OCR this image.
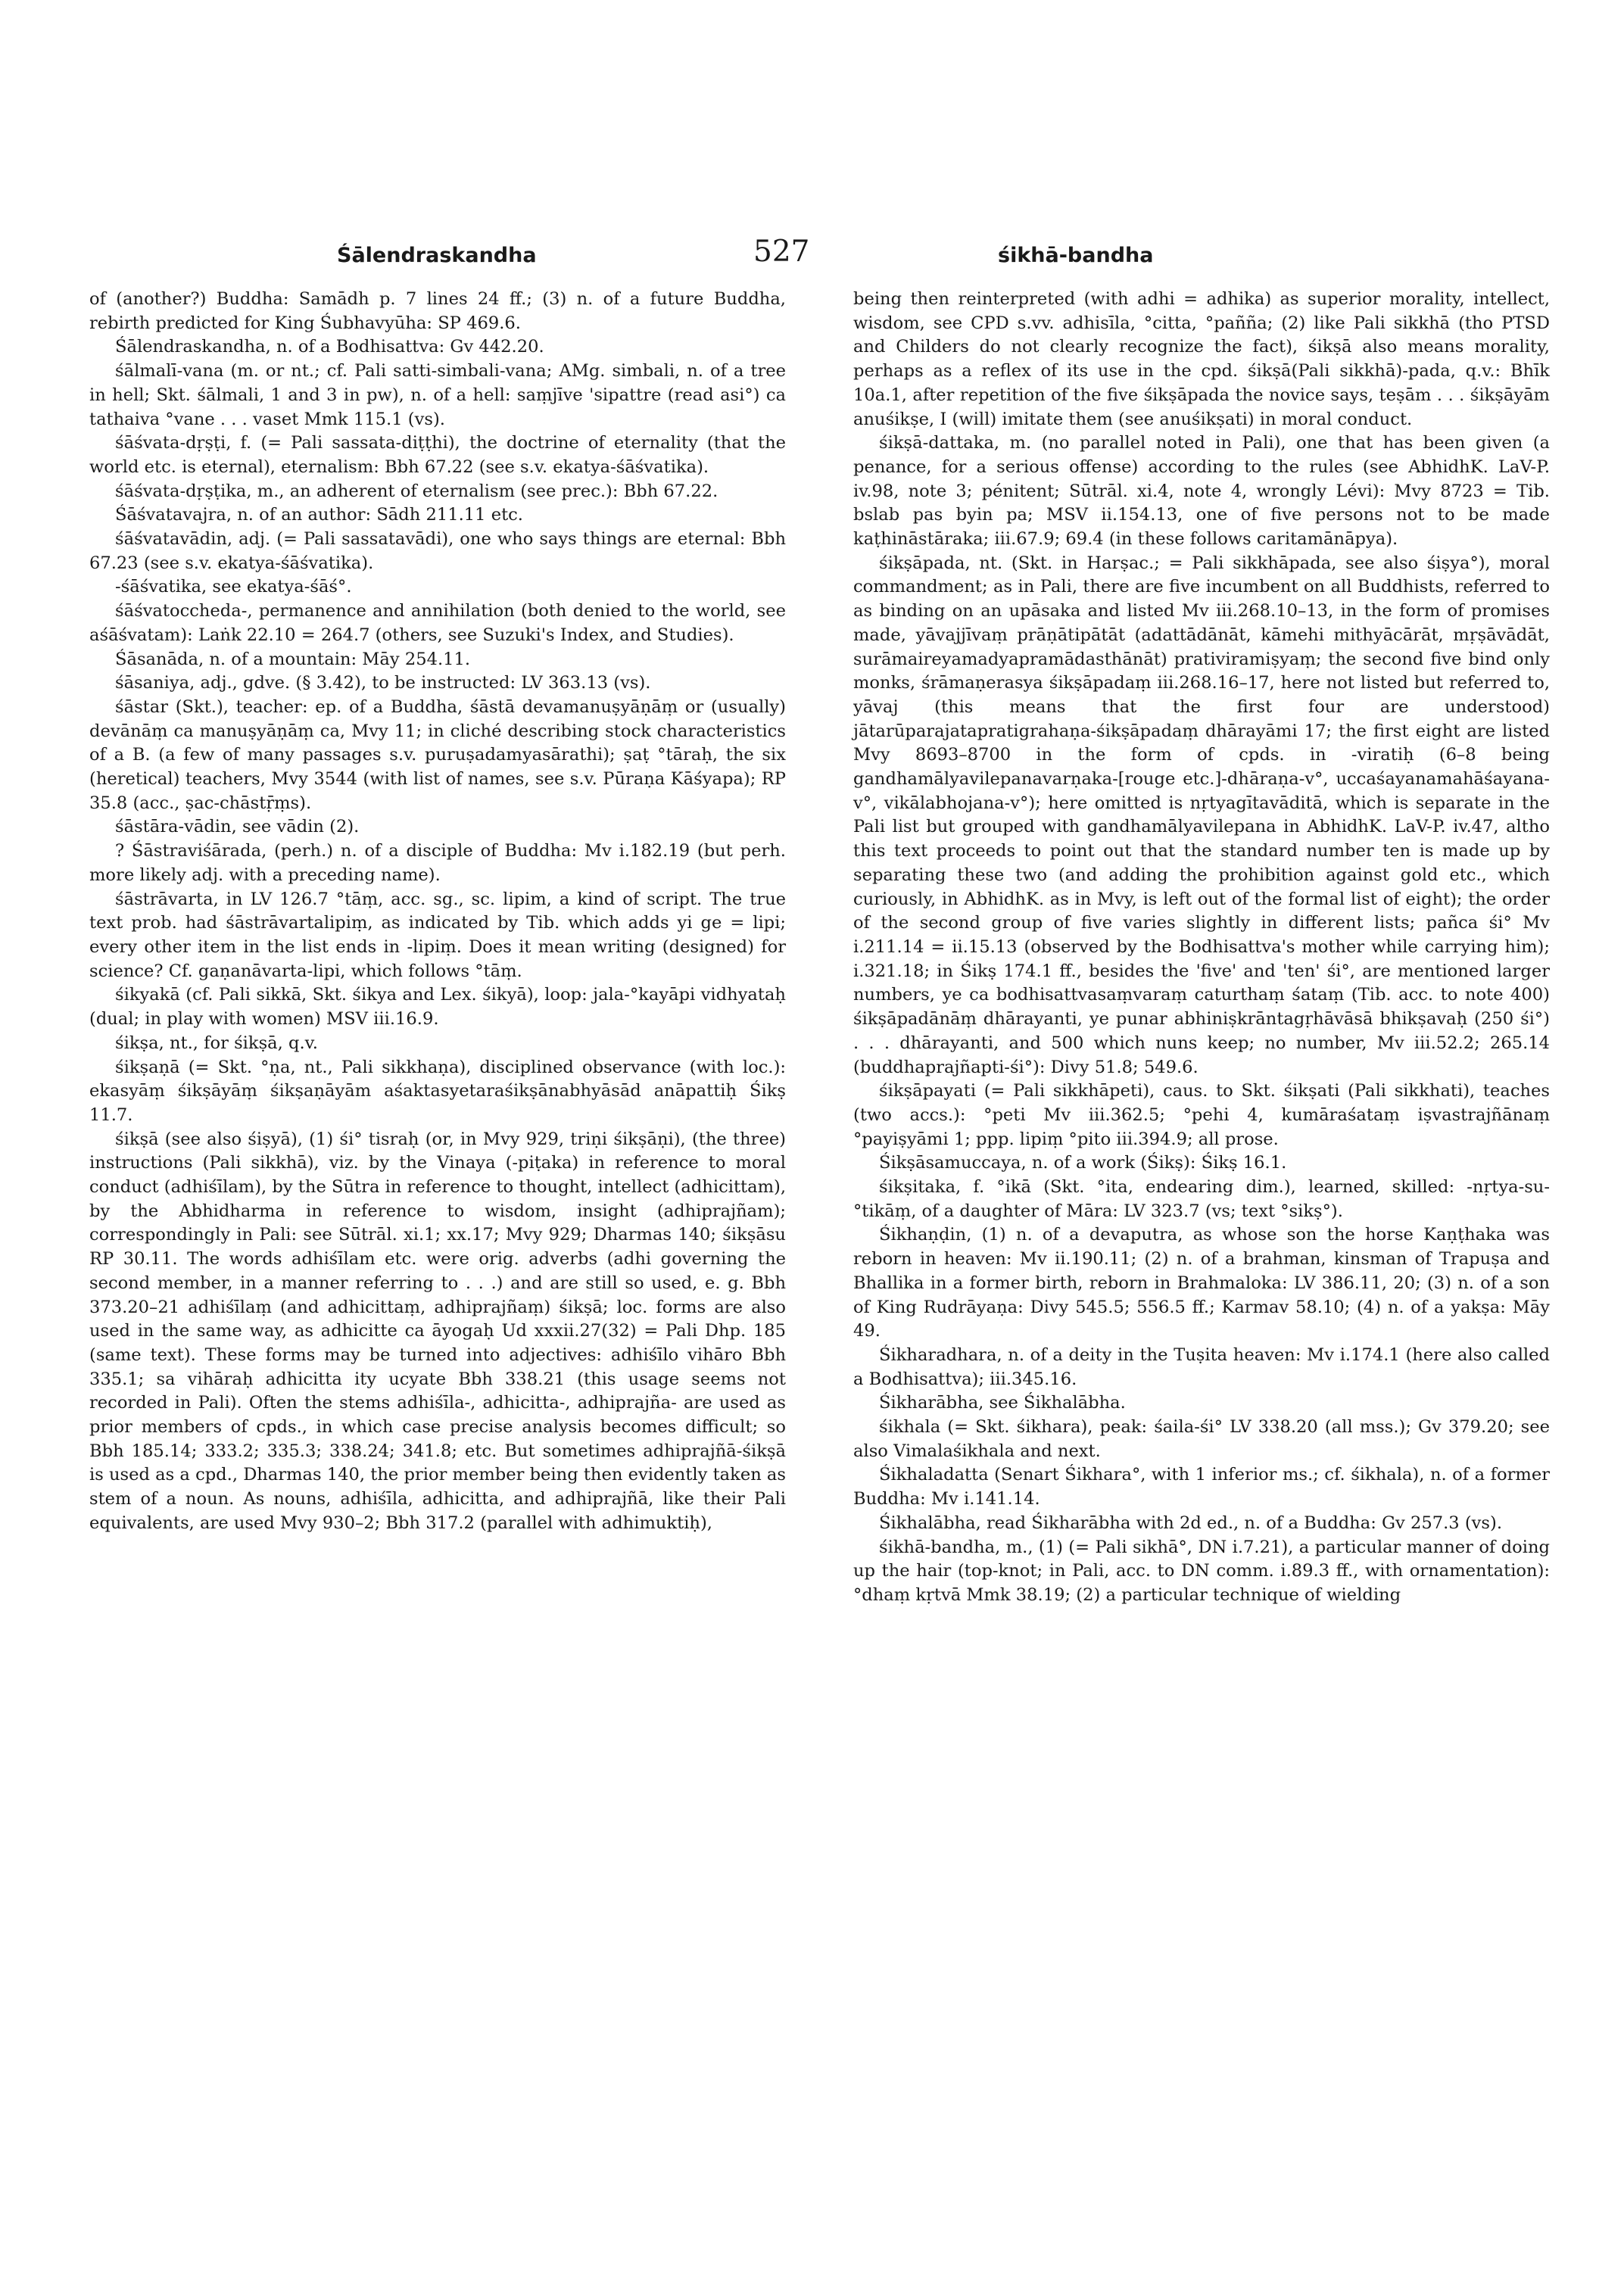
Śālendraskandha	527	śikhā-bandha

of (another?) Buddha: Samādh p. 7 lines 24 ff.; (3) n. of a future Buddha, rebirth predicted for King Śubhavyūha: SP 469.6.

Śālendraskandha, n. of a Bodhisattva: Gv 442.20.

śālmalī-vana (m. or nt.; cf. Pali satti-simbali-vana; AMg. simbali, n. of a tree in hell; Skt. śālmali, 1 and 3 in pw), n. of a hell: saṃjīve 'sipattre (read asi°) ca tathaiva °vane . . . vaset Mmk 115.1 (vs).

śāśvata-dṛṣṭi, f. (= Pali sassata-diṭṭhi), the doctrine of eternality (that the world etc. is eternal), eternalism: Bbh 67.22 (see s.v. ekatya-śāśvatika).

śāśvata-dṛṣṭika, m., an adherent of eternalism (see prec.): Bbh 67.22.

Śāśvatavajra, n. of an author: Sādh 211.11 etc.

śāśvatavādin, adj. (= Pali sassatavādi), one who says things are eternal: Bbh 67.23 (see s.v. ekatya-śāśvatika).

-śāśvatika, see ekatya-śāś°.

śāśvatoccheda-, permanence and annihilation (both denied to the world, see aśāśvatam): Laṅk 22.10 = 264.7 (others, see Suzuki's Index, and Studies).

Śāsanāda, n. of a mountain: Māy 254.11.

śāsaniya, adj., gdve. (§ 3.42), to be instructed: LV 363.13 (vs).

śāstar (Skt.), teacher: ep. of a Buddha, śāstā devamanuṣyāṇāṃ or (usually) devānāṃ ca manuṣyāṇāṃ ca, Mvy 11; in cliché describing stock characteristics of a B. (a few of many passages s.v. puruṣadamyasārathi); ṣaṭ °tāraḥ, the six (heretical) teachers, Mvy 3544 (with list of names, see s.v. Pūraṇa Kāśyapa); RP 35.8 (acc., ṣac-chāstṝṃs).

śāstāra-vādin, see vādin (2).

? Śāstraviśārada, (perh.) n. of a disciple of Buddha: Mv i.182.19 (but perh. more likely adj. with a preceding name).

śāstrāvarta, in LV 126.7 °tāṃ, acc. sg., sc. lipim, a kind of script. The true text prob. had śāstrāvartalipiṃ, as indicated by Tib. which adds yi ge = lipi; every other item in the list ends in -lipiṃ. Does it mean writing (designed) for science? Cf. gaṇanāvarta-lipi, which follows °tāṃ.

śikyakā (cf. Pali sikkā, Skt. śikya and Lex. śikyā), loop: jala-°kayāpi vidhyataḥ (dual; in play with women) MSV iii.16.9.

śikṣa, nt., for śikṣā, q.v.

śikṣaṇā (= Skt. °ṇa, nt., Pali sikkhaṇa), disciplined observance (with loc.): ekasyāṃ śikṣāyāṃ śikṣaṇāyām aśaktasyetaraśikṣānabhyāsād anāpattiḥ Śikṣ 11.7.

śikṣā (see also śiṣyā), (1) śi° tisraḥ (or, in Mvy 929, triṇi śikṣāṇi), (the three) instructions (Pali sikkhā), viz. by the Vinaya (-piṭaka) in reference to moral conduct (adhiśīlam), by the Sūtra in reference to thought, intellect (adhicittam), by the Abhidharma in reference to wisdom, insight (adhiprajñam); correspondingly in Pali: see Sūtrāl. xi.1; xx.17; Mvy 929; Dharmas 140; śikṣāsu RP 30.11. The words adhiśīlam etc. were orig. adverbs (adhi governing the second member, in a manner referring to . . .) and are still so used, e. g. Bbh 373.20–21 adhiśīlaṃ (and adhicittaṃ, adhiprajñaṃ) śikṣā; loc. forms are also used in the same way, as adhicitte ca āyogaḥ Ud xxxii.27(32) = Pali Dhp. 185 (same text). These forms may be turned into adjectives: adhiśīlo vihāro Bbh 335.1; sa vihāraḥ adhicitta ity ucyate Bbh 338.21 (this usage seems not recorded in Pali). Often the stems adhiśīla-, adhicitta-, adhiprajña- are used as prior members of cpds., in which case precise analysis becomes difficult; so Bbh 185.14; 333.2; 335.3; 338.24; 341.8; etc. But sometimes adhiprajñā-śikṣā is used as a cpd., Dharmas 140, the prior member being then evidently taken as stem of a noun. As nouns, adhiśīla, adhicitta, and adhiprajñā, like their Pali equivalents, are used Mvy 930–2; Bbh 317.2 (parallel with adhimuktiḥ),

being then reinterpreted (with adhi = adhika) as superior morality, intellect, wisdom, see CPD s.vv. adhisīla, °citta, °pañña; (2) like Pali sikkhā (tho PTSD and Childers do not clearly recognize the fact), śikṣā also means morality, perhaps as a reflex of its use in the cpd. śikṣā(Pali sikkhā)-pada, q.v.: Bhīk 10a.1, after repetition of the five śikṣāpada the novice says, teṣām . . . śikṣāyām anuśikṣe, I (will) imitate them (see anuśikṣati) in moral conduct.

śikṣā-dattaka, m. (no parallel noted in Pali), one that has been given (a penance, for a serious offense) according to the rules (see AbhidhK. LaV-P. iv.98, note 3; pénitent; Sūtrāl. xi.4, note 4, wrongly Lévi): Mvy 8723 = Tib. bslab pas byin pa; MSV ii.154.13, one of five persons not to be made kaṭhināstāraka; iii.67.9; 69.4 (in these follows caritamānāpya).

śikṣāpada, nt. (Skt. in Harṣac.; = Pali sikkhāpada, see also śiṣya°), moral commandment; as in Pali, there are five incumbent on all Buddhists, referred to as binding on an upāsaka and listed Mv iii.268.10–13, in the form of promises made, yāvajjīvaṃ prāṇātipātāt (adattādānāt, kāmehi mithyācārāt, mṛṣāvādāt, surāmaireyamadyapramādasthānāt) prativiramiṣyaṃ; the second five bind only monks, śrāmaṇerasya śikṣāpadaṃ iii.268.16–17, here not listed but referred to, yāvaj (this means that the first four are understood) jātarūparajatapratigrahaṇa-śikṣāpadaṃ dhārayāmi 17; the first eight are listed Mvy 8693–8700 in the form of cpds. in -viratiḥ (6–8 being gandhamālyavilepanavarṇaka-[rouge etc.]-dhāraṇa-v°, uccaśayanamahāśayana-v°, vikālabhojana-v°); here omitted is nṛtyagītavāditā, which is separate in the Pali list but grouped with gandhamālyavilepana in AbhidhK. LaV-P. iv.47, altho this text proceeds to point out that the standard number ten is made up by separating these two (and adding the prohibition against gold etc., which curiously, in AbhidhK. as in Mvy, is left out of the formal list of eight); the order of the second group of five varies slightly in different lists; pañca śi° Mv i.211.14 = ii.15.13 (observed by the Bodhisattva's mother while carrying him); i.321.18; in Śikṣ 174.1 ff., besides the 'five' and 'ten' śi°, are mentioned larger numbers, ye ca bodhisattvasaṃvaraṃ caturthaṃ śataṃ (Tib. acc. to note 400) śikṣāpadānāṃ dhārayanti, ye punar abhiniṣkrāntagṛhāvāsā bhikṣavaḥ (250 śi°) . . . dhārayanti, and 500 which nuns keep; no number, Mv iii.52.2; 265.14 (buddhaprajñapti-śi°): Divy 51.8; 549.6.

śikṣāpayati (= Pali sikkhāpeti), caus. to Skt. śikṣati (Pali sikkhati), teaches (two accs.): °peti Mv iii.362.5; °pehi 4, kumāraśataṃ iṣvastrajñānaṃ °payiṣyāmi 1; ppp. lipiṃ °pito iii.394.9; all prose.

Śikṣāsamuccaya, n. of a work (Śikṣ): Śikṣ 16.1.

śikṣitaka, f. °ikā (Skt. °ita, endearing dim.), learned, skilled: -nṛtya-su-°tikāṃ, of a daughter of Māra: LV 323.7 (vs; text °sikṣ°).

Śikhaṇḍin, (1) n. of a devaputra, as whose son the horse Kaṇṭhaka was reborn in heaven: Mv ii.190.11; (2) n. of a brahman, kinsman of Trapuṣa and Bhallika in a former birth, reborn in Brahmaloka: LV 386.11, 20; (3) n. of a son of King Rudrāyaṇa: Divy 545.5; 556.5 ff.; Karmav 58.10; (4) n. of a yakṣa: Māy 49.

Śikharadhara, n. of a deity in the Tuṣita heaven: Mv i.174.1 (here also called a Bodhisattva); iii.345.16.

Śikharābha, see Śikhalābha.

śikhala (= Skt. śikhara), peak: śaila-śi° LV 338.20 (all mss.); Gv 379.20; see also Vimalaśikhala and next.

Śikhaladatta (Senart Śikhara°, with 1 inferior ms.; cf. śikhala), n. of a former Buddha: Mv i.141.14.

Śikhalābha, read Śikharābha with 2d ed., n. of a Buddha: Gv 257.3 (vs).

śikhā-bandha, m., (1) (= Pali sikhā°, DN i.7.21), a particular manner of doing up the hair (top-knot; in Pali, acc. to DN comm. i.89.3 ff., with ornamentation): °dhaṃ kṛtvā Mmk 38.19; (2) a particular technique of wielding
